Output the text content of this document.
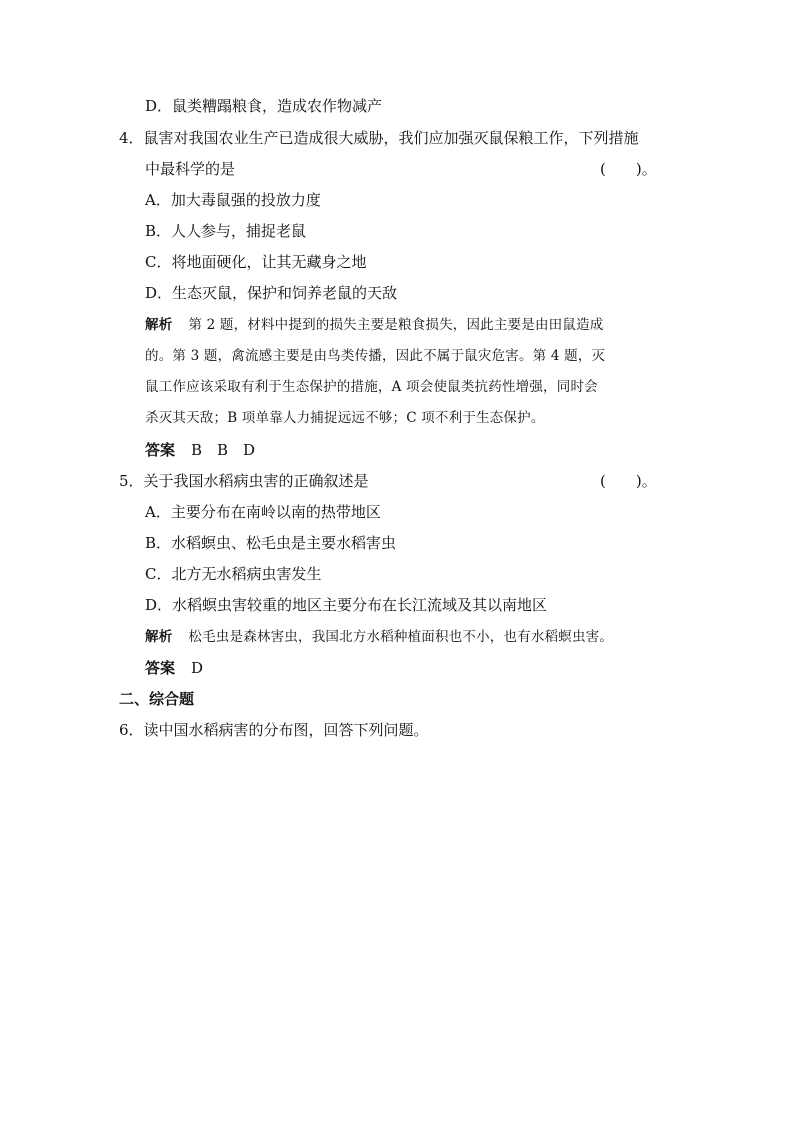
D．鼠类糟蹋粮食，造成农作物减产
4．鼠害对我国农业生产已造成很大威胁，我们应加强灭鼠保粮工作，下列措施
中最科学的是	(　　)。
A．加大毒鼠强的投放力度
B．人人参与，捕捉老鼠
C．将地面硬化，让其无藏身之地
D．生态灭鼠，保护和饲养老鼠的天敌
解析 第 2 题，材料中提到的损失主要是粮食损失，因此主要是由田鼠造成
的。第 3 题，禽流感主要是由鸟类传播，因此不属于鼠灾危害。第 4 题，灭
鼠工作应该采取有利于生态保护的措施，A 项会使鼠类抗药性增强，同时会
杀灭其天敌；B 项单靠人力捕捉远远不够；C 项不利于生态保护。
答案 B　B　D
5．关于我国水稻病虫害的正确叙述是	(　　)。
A．主要分布在南岭以南的热带地区
B．水稻螟虫、松毛虫是主要水稻害虫
C．北方无水稻病虫害发生
D．水稻螟虫害较重的地区主要分布在长江流域及其以南地区
解析 松毛虫是森林害虫，我国北方水稻种植面积也不小，也有水稻螟虫害。
答案 D
二、综合题
6．读中国水稻病害的分布图，回答下列问题。
